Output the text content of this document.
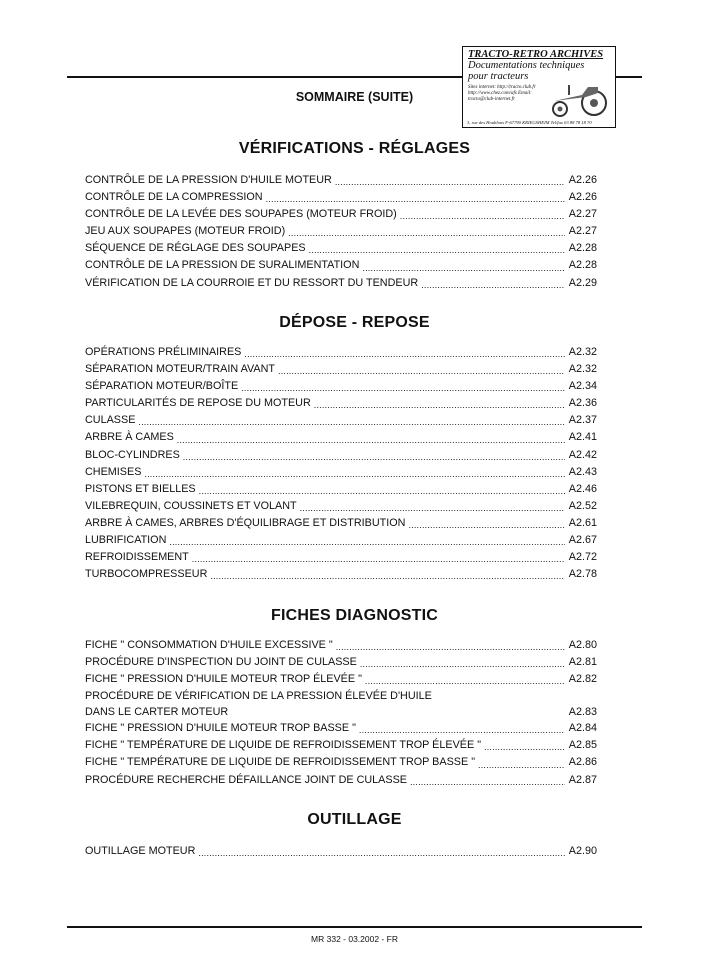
TRACTO-RETRO ARCHIVES
Documentations techniques
pour tracteurs
Sites internet: http://tracto.club.fr http://www.chez.com/afs Email: tracto@club-internet.fr
3, rue des Houblons F-67790 KRIEGSHEIM Tel/fax 03 88 78 18 70
SOMMAIRE (SUITE)
VÉRIFICATIONS - RÉGLAGES
CONTRÔLE DE LA PRESSION D'HUILE MOTEUR .....	A2.26
CONTRÔLE DE LA COMPRESSION .....	A2.26
CONTRÔLE DE LA LEVÉE DES SOUPAPES (MOTEUR FROID) .....	A2.27
JEU AUX SOUPAPES (MOTEUR FROID) .....	A2.27
SÉQUENCE DE RÉGLAGE DES SOUPAPES .....	A2.28
CONTRÔLE DE LA PRESSION DE SURALIMENTATION .....	A2.28
VÉRIFICATION DE LA COURROIE ET DU RESSORT DU TENDEUR .....	A2.29
DÉPOSE - REPOSE
OPÉRATIONS PRÉLIMINAIRES .....	A2.32
SÉPARATION MOTEUR/TRAIN AVANT .....	A2.32
SÉPARATION MOTEUR/BOÎTE .....	A2.34
PARTICULARITÉS DE REPOSE DU MOTEUR .....	A2.36
CULASSE .....	A2.37
ARBRE À CAMES .....	A2.41
BLOC-CYLINDRES .....	A2.42
CHEMISES .....	A2.43
PISTONS ET BIELLES .....	A2.46
VILEBREQUIN, COUSSINETS ET VOLANT .....	A2.52
ARBRE À CAMES, ARBRES D'ÉQUILIBRAGE ET DISTRIBUTION .....	A2.61
LUBRIFICATION .....	A2.67
REFROIDISSEMENT .....	A2.72
TURBOCOMPRESSEUR .....	A2.78
FICHES DIAGNOSTIC
FICHE " CONSOMMATION D'HUILE EXCESSIVE " .....	A2.80
PROCÉDURE D'INSPECTION DU JOINT DE CULASSE .....	A2.81
FICHE " PRESSION D'HUILE MOTEUR TROP ÉLEVÉE " .....	A2.82
PROCÉDURE DE VÉRIFICATION DE LA PRESSION ÉLEVÉE D'HUILE
DANS LE CARTER MOTEUR	A2.83
FICHE " PRESSION D'HUILE MOTEUR TROP BASSE " .....	A2.84
FICHE " TEMPÉRATURE DE LIQUIDE DE REFROIDISSEMENT TROP ÉLEVÉE " .....	A2.85
FICHE " TEMPÉRATURE DE LIQUIDE DE REFROIDISSEMENT TROP BASSE " .....	A2.86
PROCÉDURE RECHERCHE DÉFAILLANCE JOINT DE CULASSE .....	A2.87
OUTILLAGE
OUTILLAGE MOTEUR .....	A2.90
MR 332 - 03.2002 - FR
